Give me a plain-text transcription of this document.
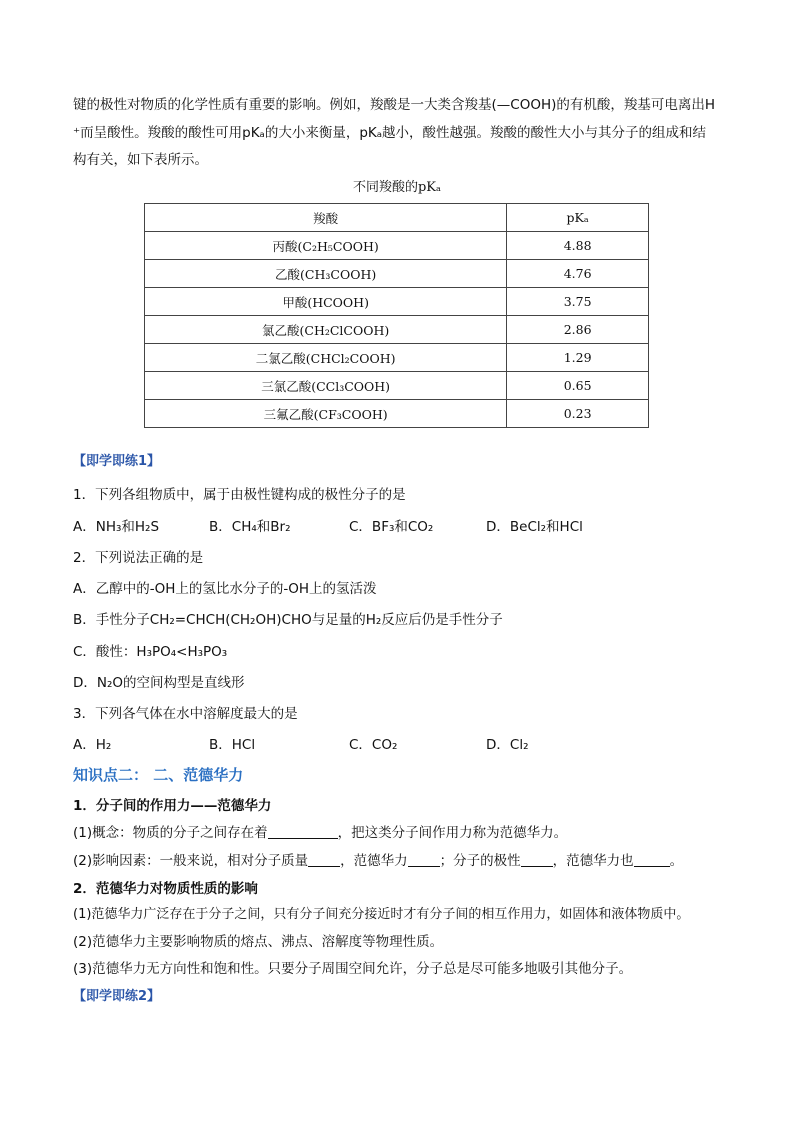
键的极性对物质的化学性质有重要的影响。例如，羧酸是一大类含羧基(—COOH)的有机酸，羧基可电离出H
⁺而呈酸性。羧酸的酸性可用pKₐ的大小来衡量，pKₐ越小，酸性越强。羧酸的酸性大小与其分子的组成和结
构有关，如下表所示。
不同羧酸的pKₐ
羧酸	pKₐ
丙酸(C₂H₅COOH)	4.88
乙酸(CH₃COOH)	4.76
甲酸(HCOOH)	3.75
氯乙酸(CH₂ClCOOH)	2.86
二氯乙酸(CHCl₂COOH)	1.29
三氯乙酸(CCl₃COOH)	0.65
三氟乙酸(CF₃COOH)	0.23
【即学即练1】
1．下列各组物质中，属于由极性键构成的极性分子的是
A．NH₃和H₂S	B．CH₄和Br₂	C．BF₃和CO₂	D．BeCl₂和HCl
2．下列说法正确的是
A．乙醇中的-OH上的氢比水分子的-OH上的氢活泼
B．手性分子CH₂=CHCH(CH₂OH)CHO与足量的H₂反应后仍是手性分子
C．酸性：H₃PO₄<H₃PO₃
D．N₂O的空间构型是直线形
3．下列各气体在水中溶解度最大的是
A．H₂	B．HCl	C．CO₂	D．Cl₂
知识点二： 二、范德华力
1．分子间的作用力——范德华力
(1)概念：物质的分子之间存在着	，把这类分子间作用力称为范德华力。
(2)影响因素：一般来说，相对分子质量 ，范德华力 ；分子的极性 ，范德华力也	。
2．范德华力对物质性质的影响
(1)范德华力广泛存在于分子之间，只有分子间充分接近时才有分子间的相互作用力，如固体和液体物质中。
(2)范德华力主要影响物质的熔点、沸点、溶解度等物理性质。
(3)范德华力无方向性和饱和性。只要分子周围空间允许，分子总是尽可能多地吸引其他分子。
【即学即练2】
